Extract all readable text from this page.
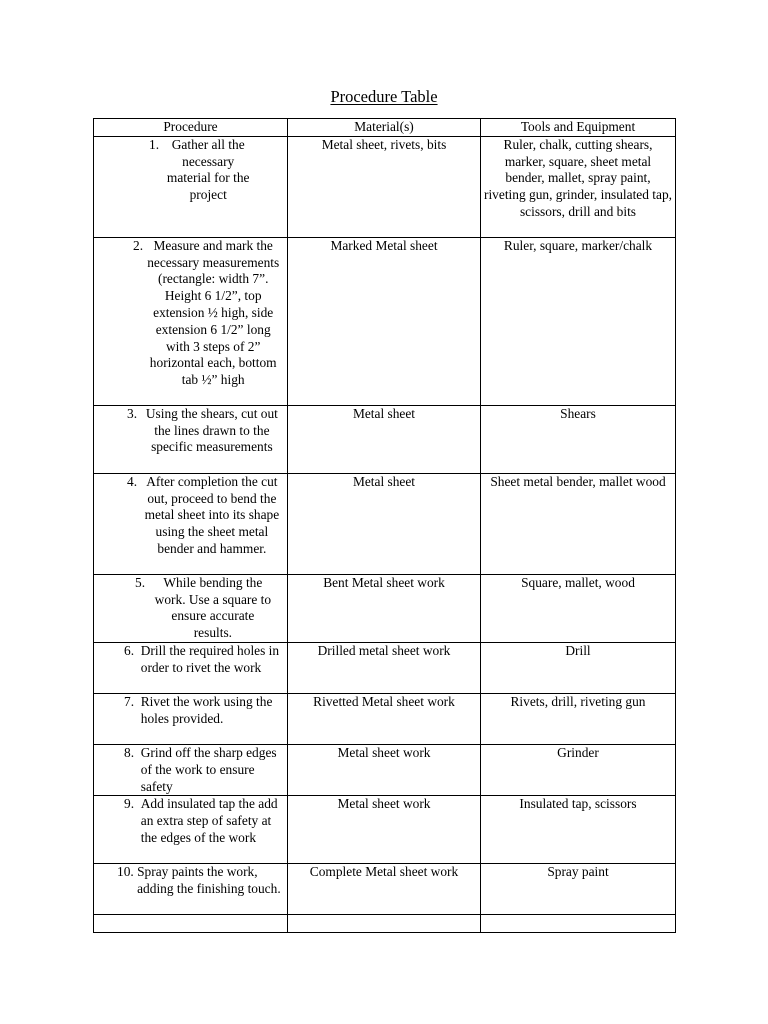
Procedure Table
Procedure	Material(s)	Tools and Equipment

1.
Gather all the necessary material for the project	Metal sheet, rivets, bits	Ruler, chalk, cutting shears, marker, square, sheet metal bender, mallet, spray paint, riveting gun, grinder, insulated tap, scissors, drill and bits

2.
Measure and mark the necessary measurements (rectangle: width 7”. Height 6 1/2”, top extension ½ high, side extension 6 1/2” long with 3 steps of 2” horizontal each, bottom tab ½” high	Marked Metal sheet	Ruler, square, marker/chalk

3.
Using the shears, cut out the lines drawn to the specific measurements	Metal sheet	Shears

4.
After completion the cut out, proceed to bend the metal sheet into its shape using the sheet metal bender and hammer.	Metal sheet	Sheet metal bender, mallet wood

5.
While bending the work. Use a square to ensure accurate results.	Bent Metal sheet work	Square, mallet, wood

6.
Drill the required holes in order to rivet the work	Drilled metal sheet work	Drill

7.
Rivet the work using the holes provided.	Rivetted Metal sheet work	Rivets, drill, riveting gun

8.
Grind off the sharp edges of the work to ensure safety	Metal sheet work	Grinder

9.
Add insulated tap the add an extra step of safety at the edges of the work	Metal sheet work	Insulated tap, scissors

10.
Spray paints the work, adding the finishing touch.	Complete Metal sheet work	Spray paint
